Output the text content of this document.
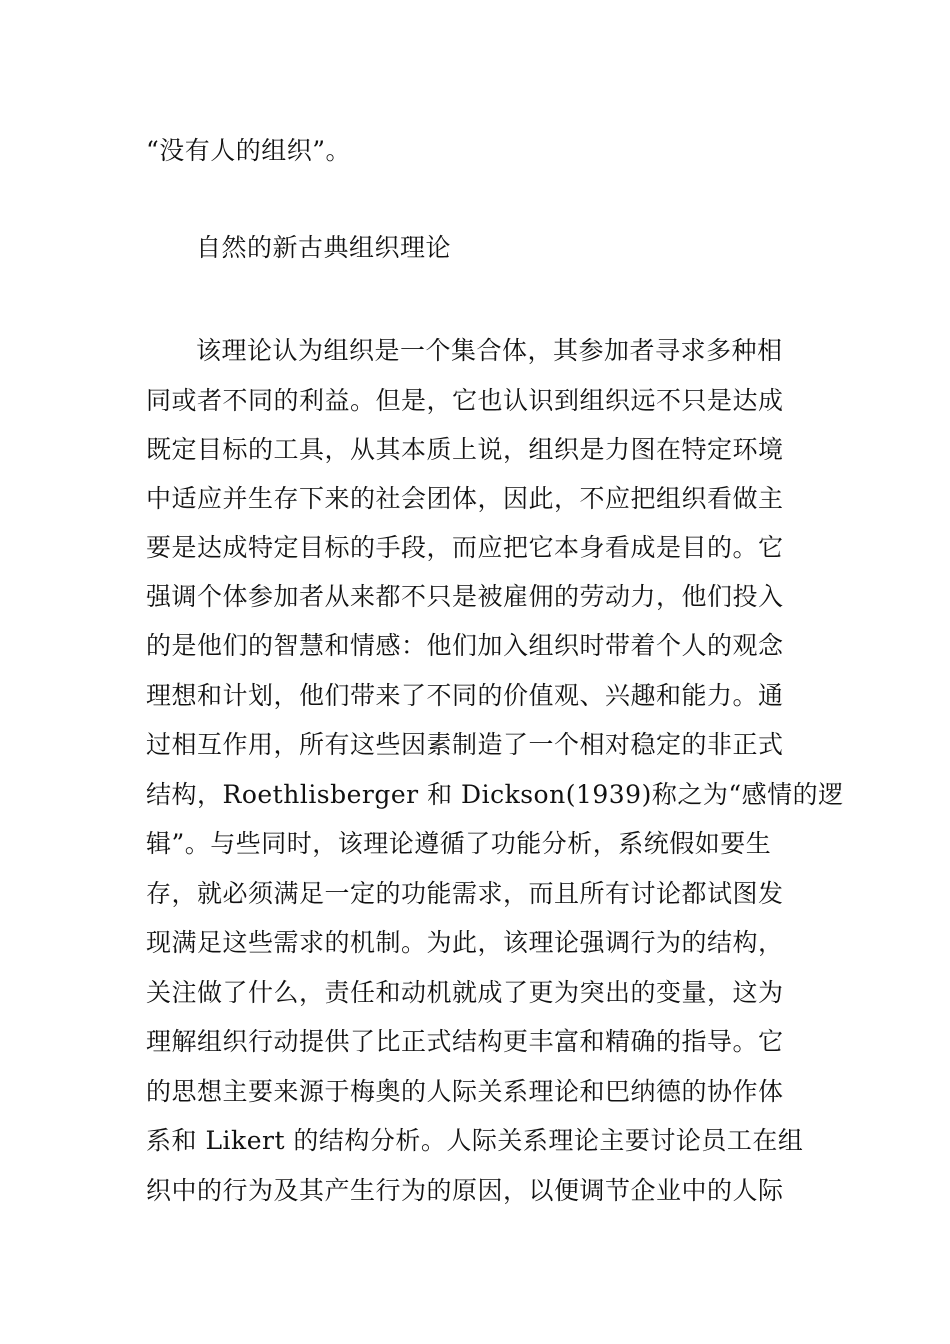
“没有人的组织”。
自然的新古典组织理论
该理论认为组织是一个集合体，其参加者寻求多种相
同或者不同的利益。但是，它也认识到组织远不只是达成
既定目标的工具，从其本质上说，组织是力图在特定环境
中适应并生存下来的社会团体，因此，不应把组织看做主
要是达成特定目标的手段，而应把它本身看成是目的。它
强调个体参加者从来都不只是被雇佣的劳动力，他们投入
的是他们的智慧和情感：他们加入组织时带着个人的观念
理想和计划，他们带来了不同的价值观、兴趣和能力。通
过相互作用，所有这些因素制造了一个相对稳定的非正式
结构，Roethlisberger 和 Dickson(1939)称之为“感情的逻
辑”。与些同时，该理论遵循了功能分析，系统假如要生
存，就必须满足一定的功能需求，而且所有讨论都试图发
现满足这些需求的机制。为此，该理论强调行为的结构，
关注做了什么，责任和动机就成了更为突出的变量，这为
理解组织行动提供了比正式结构更丰富和精确的指导。它
的思想主要来源于梅奥的人际关系理论和巴纳德的协作体
系和 Likert 的结构分析。人际关系理论主要讨论员工在组
织中的行为及其产生行为的原因，以便调节企业中的人际
